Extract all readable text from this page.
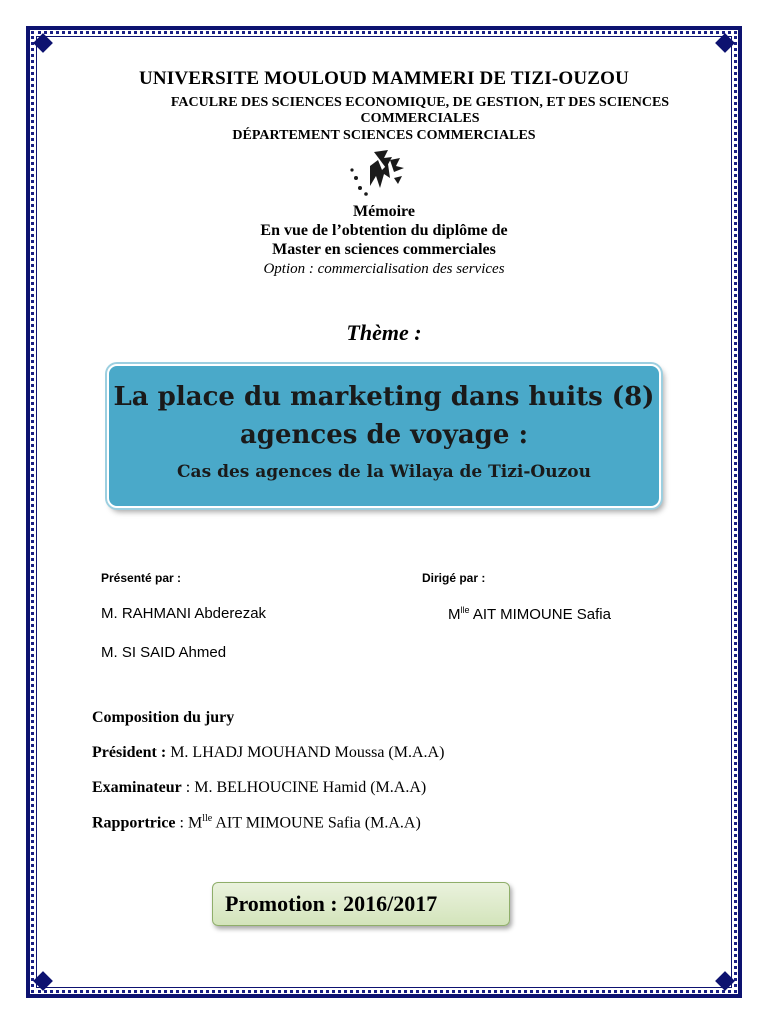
UNIVERSITE MOULOUD MAMMERI DE TIZI-OUZOU
FACULRE DES SCIENCES ECONOMIQUE, DE GESTION, ET DES SCIENCES COMMERCIALES
DÉPARTEMENT SCIENCES COMMERCIALES
Mémoire
En vue de l’obtention du diplôme de
Master en sciences commerciales
Option : commercialisation des services
Thème :
La place du marketing dans huits (8)
agences de voyage :
Cas des agences de la Wilaya de Tizi-Ouzou
Présenté par :	Dirigé par :
M. RAHMANI Abderezak
M. SI SAID Ahmed
$M^{lle}$ AIT MIMOUNE Safia
Composition du jury
Président : M. LHADJ MOUHAND Moussa (M.A.A)
Examinateur : M. BELHOUCINE Hamid (M.A.A)
Rapportrice : $M^{lle}$ AIT MIMOUNE Safia (M.A.A)
Promotion : 2016/2017
